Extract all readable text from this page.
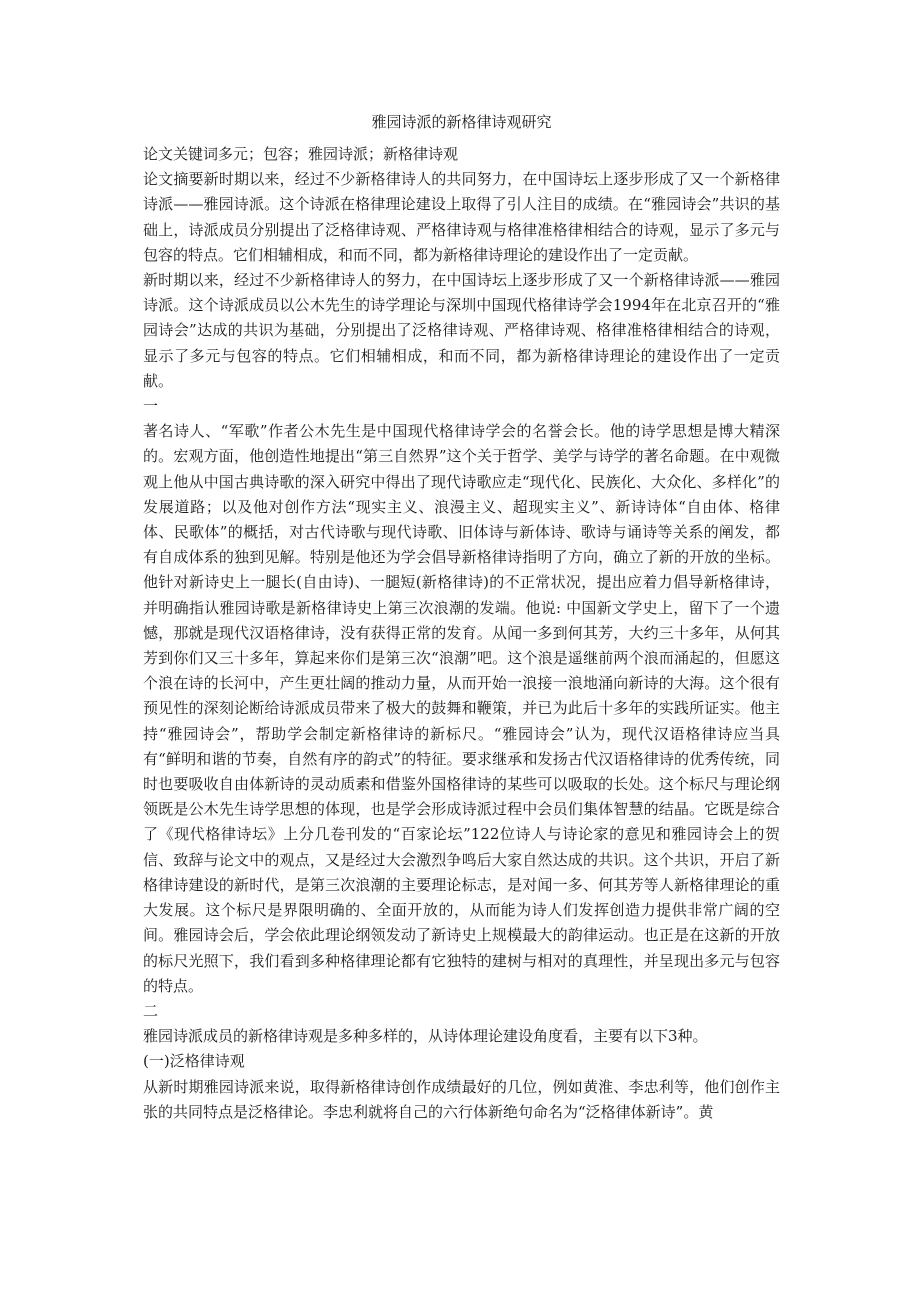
雅园诗派的新格律诗观研究

论文关键词多元；包容；雅园诗派；新格律诗观

论文摘要新时期以来，经过不少新格律诗人的共同努力，在中国诗坛上逐步形成了又一个新格律诗派——雅园诗派。这个诗派在格律理论建设上取得了引人注目的成绩。在“雅园诗会”共识的基础上，诗派成员分别提出了泛格律诗观、严格律诗观与格律准格律相结合的诗观，显示了多元与包容的特点。它们相辅相成，和而不同，都为新格律诗理论的建设作出了一定贡献。

新时期以来，经过不少新格律诗人的努力，在中国诗坛上逐步形成了又一个新格律诗派——雅园诗派。这个诗派成员以公木先生的诗学理论与深圳中国现代格律诗学会1994年在北京召开的“雅园诗会”达成的共识为基础，分别提出了泛格律诗观、严格律诗观、格律准格律相结合的诗观，显示了多元与包容的特点。它们相辅相成，和而不同，都为新格律诗理论的建设作出了一定贡献。

一

著名诗人、“军歌”作者公木先生是中国现代格律诗学会的名誉会长。他的诗学思想是博大精深的。宏观方面，他创造性地提出“第三自然界”这个关于哲学、美学与诗学的著名命题。在中观微观上他从中国古典诗歌的深入研究中得出了现代诗歌应走“现代化、民族化、大众化、多样化”的发展道路；以及他对创作方法“现实主义、浪漫主义、超现实主义”、新诗诗体“自由体、格律体、民歌体”的概括，对古代诗歌与现代诗歌、旧体诗与新体诗、歌诗与诵诗等关系的阐发，都有自成体系的独到见解。特别是他还为学会倡导新格律诗指明了方向，确立了新的开放的坐标。他针对新诗史上一腿长(自由诗)、一腿短(新格律诗)的不正常状况，提出应着力倡导新格律诗，并明确指认雅园诗歌是新格律诗史上第三次浪潮的发端。他说: 中国新文学史上，留下了一个遗憾，那就是现代汉语格律诗，没有获得正常的发育。从闻一多到何其芳，大约三十多年，从何其芳到你们又三十多年，算起来你们是第三次“浪潮”吧。这个浪是遥继前两个浪而涌起的，但愿这个浪在诗的长河中，产生更壮阔的推动力量，从而开始一浪接一浪地涌向新诗的大海。这个很有预见性的深刻论断给诗派成员带来了极大的鼓舞和鞭策，并已为此后十多年的实践所证实。他主持“雅园诗会”，帮助学会制定新格律诗的新标尺。“雅园诗会”认为，现代汉语格律诗应当具有“鲜明和谐的节奏，自然有序的韵式”的特征。要求继承和发扬古代汉语格律诗的优秀传统，同时也要吸收自由体新诗的灵动质素和借鉴外国格律诗的某些可以吸取的长处。这个标尺与理论纲领既是公木先生诗学思想的体现，也是学会形成诗派过程中会员们集体智慧的结晶。它既是综合了《现代格律诗坛》上分几卷刊发的“百家论坛”122位诗人与诗论家的意见和雅园诗会上的贺信、致辞与论文中的观点，又是经过大会激烈争鸣后大家自然达成的共识。这个共识，开启了新格律诗建设的新时代，是第三次浪潮的主要理论标志，是对闻一多、何其芳等人新格律理论的重大发展。这个标尺是界限明确的、全面开放的，从而能为诗人们发挥创造力提供非常广阔的空间。雅园诗会后，学会依此理论纲领发动了新诗史上规模最大的韵律运动。也正是在这新的开放的标尺光照下，我们看到多种格律理论都有它独特的建树与相对的真理性，并呈现出多元与包容的特点。

二

雅园诗派成员的新格律诗观是多种多样的，从诗体理论建设角度看，主要有以下3种。

(一)泛格律诗观

从新时期雅园诗派来说，取得新格律诗创作成绩最好的几位，例如黄淮、李忠利等，他们创作主张的共同特点是泛格律论。李忠利就将自己的六行体新绝句命名为“泛格律体新诗”。黄
